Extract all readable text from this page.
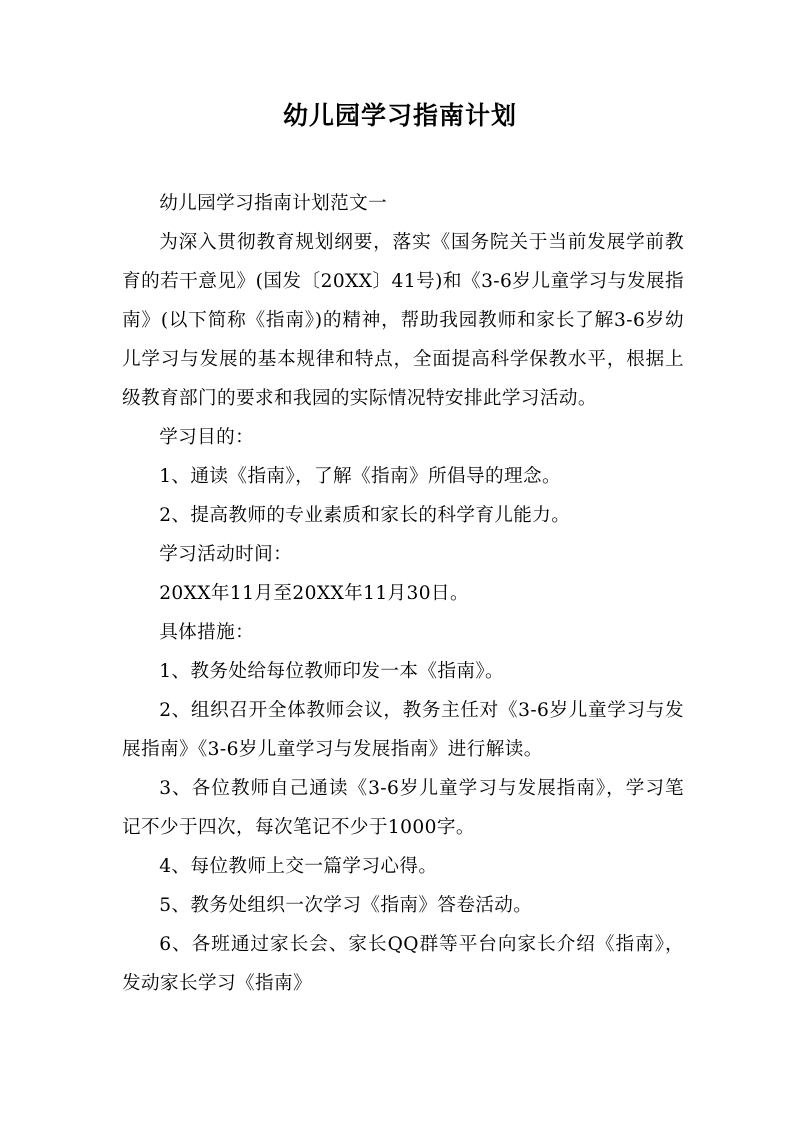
幼儿园学习指南计划

幼儿园学习指南计划范文一

为深入贯彻教育规划纲要，落实《国务院关于当前发展学前教育的若干意见》(国发〔20XX〕41号)和《3-6岁儿童学习与发展指南》(以下简称《指南》)的精神，帮助我园教师和家长了解3-6岁幼儿学习与发展的基本规律和特点，全面提高科学保教水平，根据上级教育部门的要求和我园的实际情况特安排此学习活动。

学习目的：

1、通读《指南》，了解《指南》所倡导的理念。

2、提高教师的专业素质和家长的科学育儿能力。

学习活动时间：

20XX年11月至20XX年11月30日。

具体措施：

1、教务处给每位教师印发一本《指南》。

2、组织召开全体教师会议，教务主任对《3-6岁儿童学习与发展指南》《3-6岁儿童学习与发展指南》进行解读。

3、各位教师自己通读《3-6岁儿童学习与发展指南》，学习笔记不少于四次，每次笔记不少于1000字。

4、每位教师上交一篇学习心得。

5、教务处组织一次学习《指南》答卷活动。

6、各班通过家长会、家长QQ群等平台向家长介绍《指南》，发动家长学习《指南》
